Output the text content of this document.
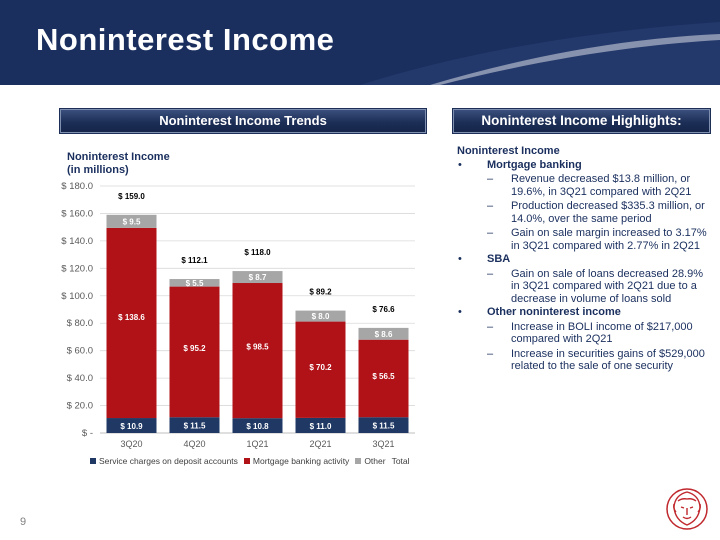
Noninterest Income
Noninterest Income Trends	Noninterest Income Highlights:
Noninterest Income
(in millions)
$ -
$ 20.0
$ 40.0
$ 60.0
$ 80.0
$ 100.0
$ 120.0
$ 140.0
$ 160.0
$ 180.0
$ 10.9
$ 138.6
$ 9.5
$ 159.0
3Q20
$ 11.5
$ 95.2
$ 5.5
$ 112.1
4Q20
$ 10.8
$ 98.5
$ 8.7
$ 118.0
1Q21
$ 11.0
$ 70.2
$ 8.0
$ 89.2
2Q21
$ 11.5
$ 56.5
$ 8.6
$ 76.6
3Q21
Service charges on deposit accounts Mortgage banking activity Other Total
Noninterest Income
•	Mortgage banking
–	Revenue decreased $13.8 million, or 19.6%, in 3Q21 compared with 2Q21
–	Production decreased $335.3 million, or 14.0%, over the same period
–	Gain on sale margin increased to 3.17% in 3Q21 compared with 2.77% in 2Q21
•	SBA
–	Gain on sale of loans decreased 28.9% in 3Q21 compared with 2Q21 due to a decrease in volume of loans sold
•	Other noninterest income
–	Increase in BOLI income of $217,000 compared with 2Q21
–	Increase in securities gains of $529,000 related to the sale of one security
9
